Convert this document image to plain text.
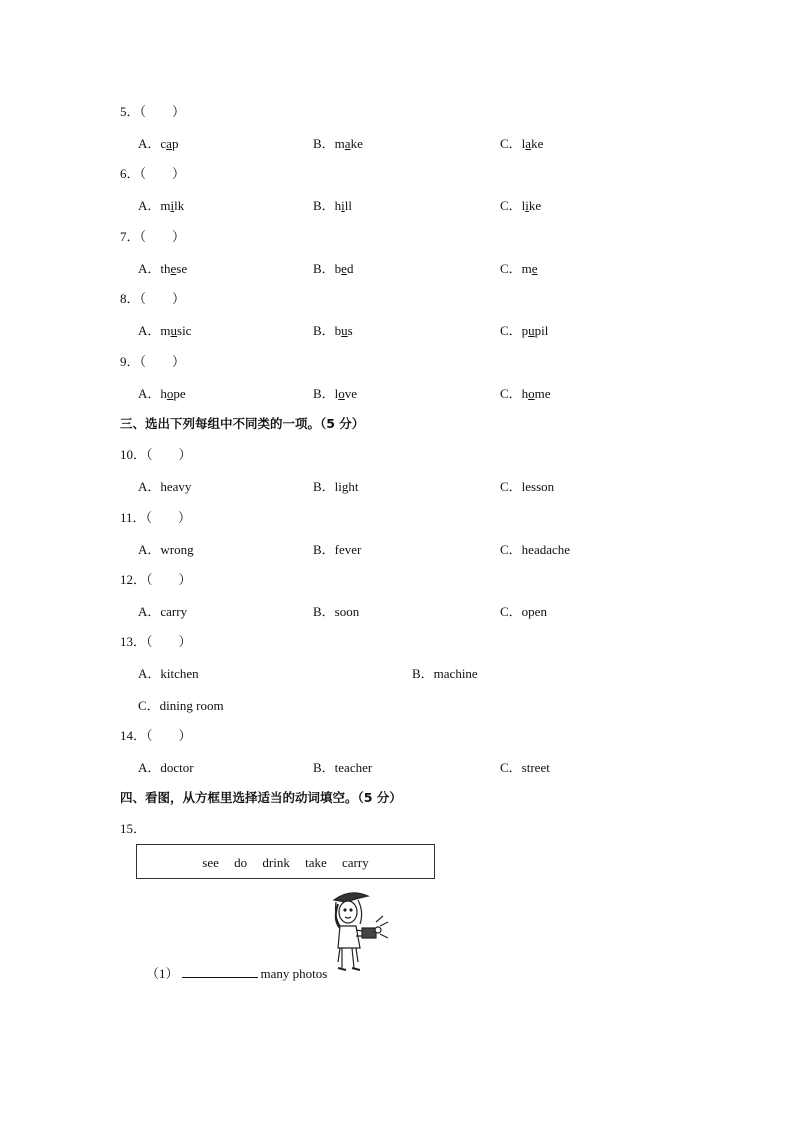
5．（　　）
A．cap	B．make	C．lake
6．（　　）
A．milk	B．hill	C．like
7．（　　）
A．these	B．bed	C．me
8．（　　）
A．music	B．bus	C．pupil
9．（　　）
A．hope	B．love	C．home
三、选出下列每组中不同类的一项。（5 分）
10．（　　）
A．heavy	B．light	C．lesson
11．（　　）
A．wrong	B．fever	C．headache
12．（　　）
A．carry	B．soon	C．open
13．（　　）
A．kitchen	B．machine
C．dining room
14．（　　）
A．doctor	B．teacher	C．street
四、看图，从方框里选择适当的动词填空。（5 分）
15．
see do drink take carry
（1）	many photos
